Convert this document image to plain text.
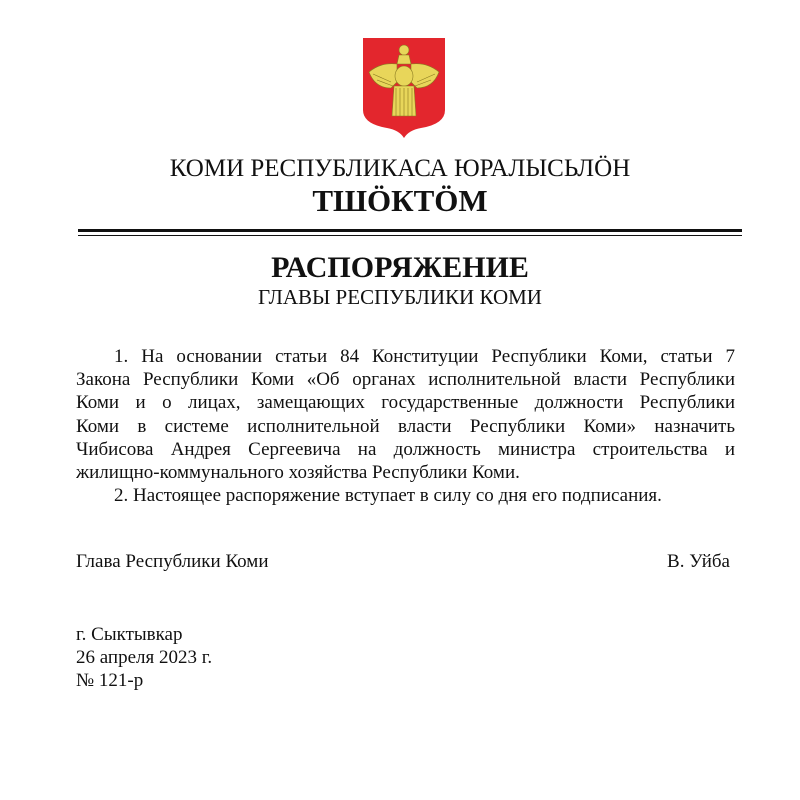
КОМИ РЕСПУБЛИКАСА ЮРАЛЫСЬЛӦН
ТШӦКТӦМ
РАСПОРЯЖЕНИЕ
ГЛАВЫ РЕСПУБЛИКИ КОМИ
1. На основании статьи 84 Конституции Республики Коми, статьи 7
Закона Республики Коми «Об органах исполнительной власти Республики
Коми и о лицах, замещающих государственные должности Республики
Коми в системе исполнительной власти Республики Коми» назначить
Чибисова Андрея Сергеевича на должность министра строительства и
жилищно-коммунального хозяйства Республики Коми.
2. Настоящее распоряжение вступает в силу со дня его подписания.
Глава Республики Коми	В. Уйба
г. Сыктывкар
26 апреля 2023 г.
№ 121-р
